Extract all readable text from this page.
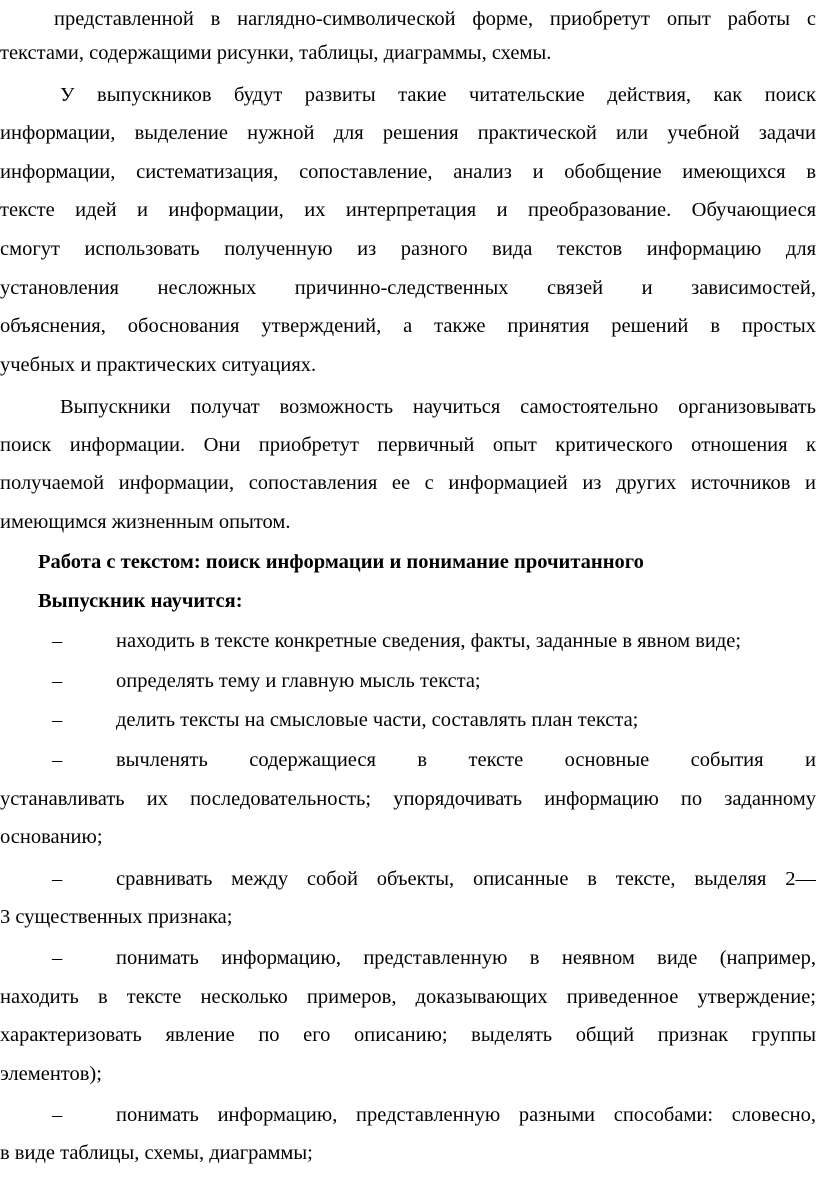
представленной в наглядно-символической форме, приобретут опыт работы с
текстами, содержащими рисунки, таблицы, диаграммы, схемы.
У выпускников будут развиты такие читательские действия, как поиск
информации, выделение нужной для решения практической или учебной задачи
информации, систематизация, сопоставление, анализ и обобщение имеющихся в
тексте идей и информации, их интерпретация и преобразование. Обучающиеся
смогут использовать полученную из разного вида текстов информацию для
установления несложных причинно-следственных связей и зависимостей,
объяснения, обоснования утверждений, а также принятия решений в простых
учебных и практических ситуациях.
Выпускники получат возможность научиться самостоятельно организовывать
поиск информации. Они приобретут первичный опыт критического отношения к
получаемой информации, сопоставления ее с информацией из других источников и
имеющимся жизненным опытом.
Работа с текстом: поиск информации и понимание прочитанного
Выпускник научится:
–	находить в тексте конкретные сведения, факты, заданные в явном виде;
–	определять тему и главную мысль текста;
–	делить тексты на смысловые части, составлять план текста;
–	вычленять содержащиеся в тексте основные события и
устанавливать их последовательность; упорядочивать информацию по заданному
основанию;
–	сравнивать между собой объекты, описанные в тексте, выделяя 2—
3 существенных признака;
–	понимать информацию, представленную в неявном виде (например,
находить в тексте несколько примеров, доказывающих приведенное утверждение;
характеризовать явление по его описанию; выделять общий признак группы
элементов);
–	понимать информацию, представленную разными способами: словесно,
в виде таблицы, схемы, диаграммы;
